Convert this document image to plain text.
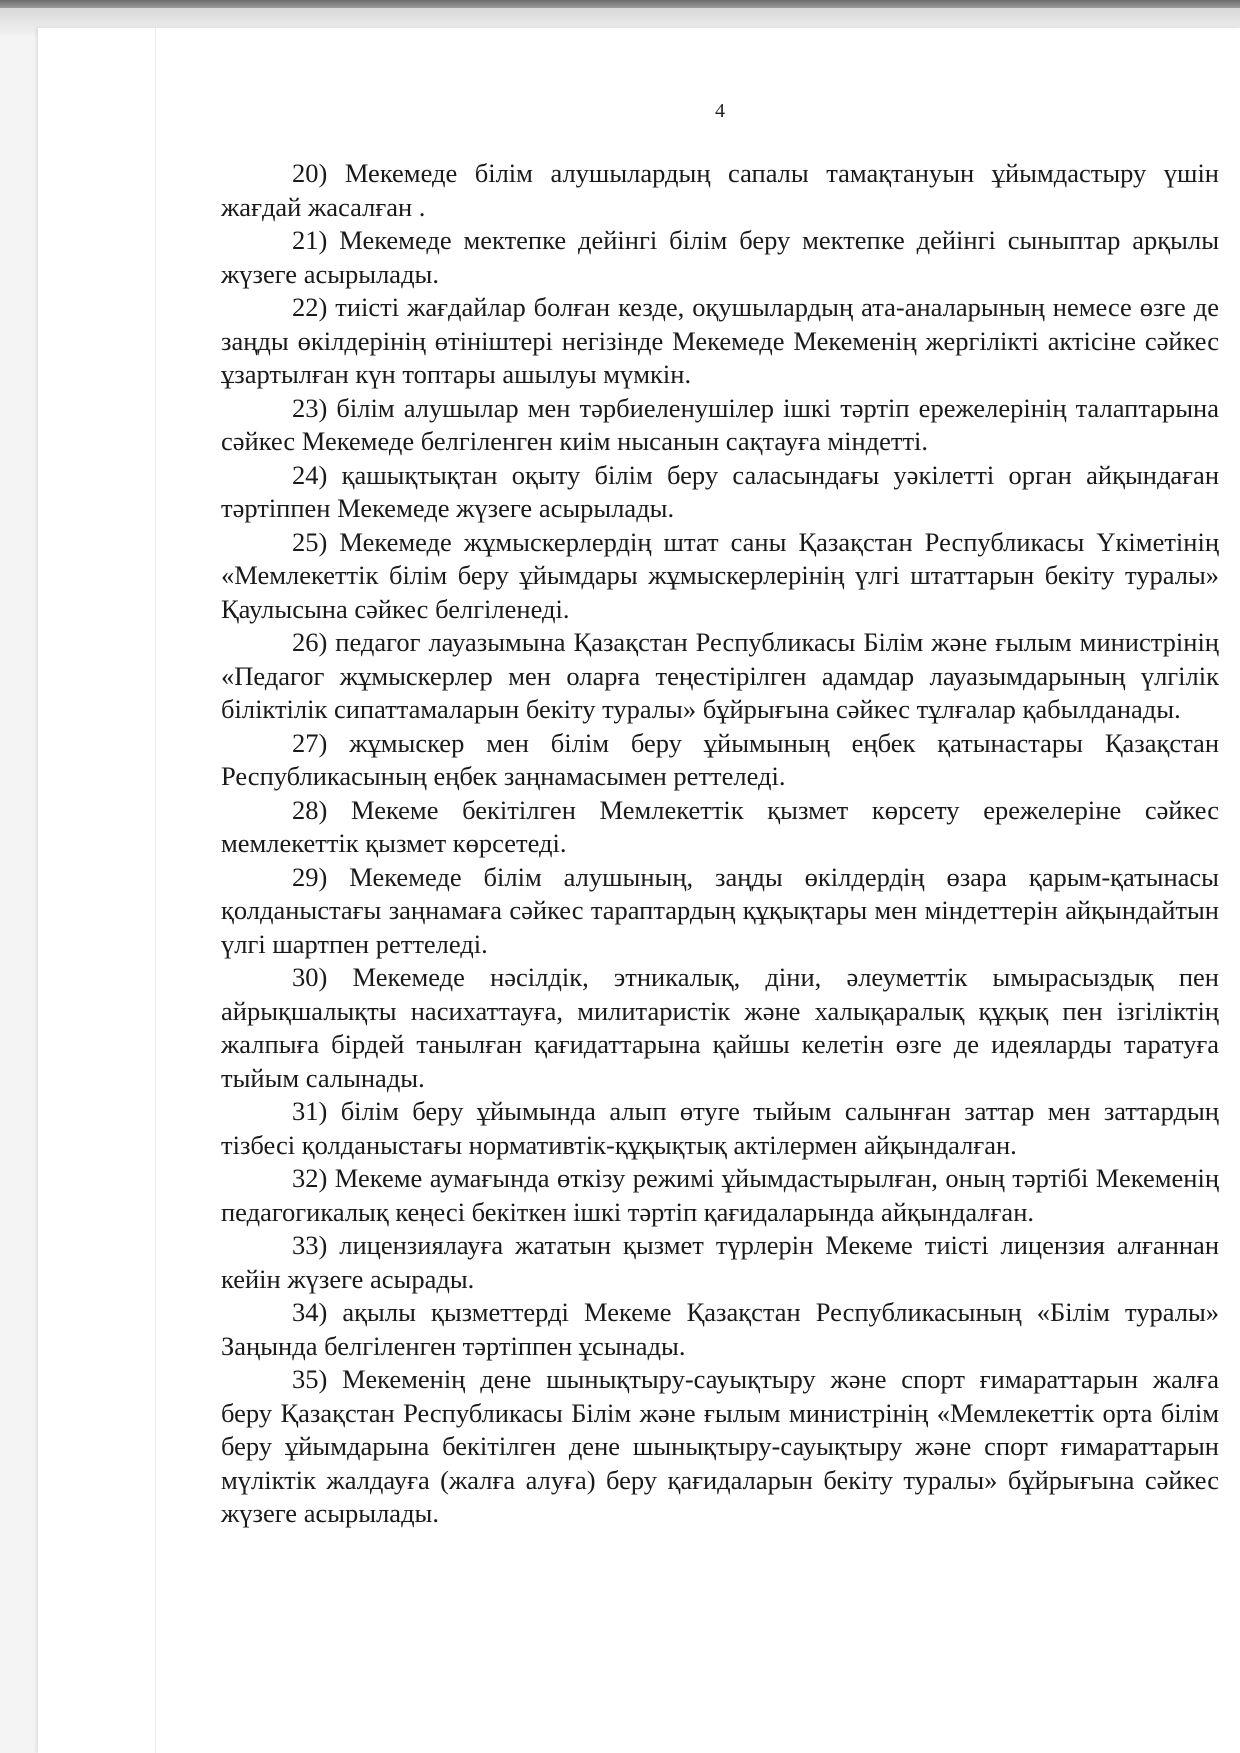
4

20) Мекемеде білім алушылардың сапалы тамақтануын ұйымдастыру үшін жағдай жасалған .

21) Мекемеде мектепке дейінгі білім беру мектепке дейінгі сыныптар арқылы жүзеге асырылады.

22) тиісті жағдайлар болған кезде, оқушылардың ата-аналарының немесе өзге де заңды өкілдерінің өтініштері негізінде Мекемеде Мекеменің жергілікті актісіне сәйкес ұзартылған күн топтары ашылуы мүмкін.

23) білім алушылар мен тәрбиеленушілер ішкі тәртіп ережелерінің талаптарына сәйкес Мекемеде белгіленген киім нысанын сақтауға міндетті.

24) қашықтықтан оқыту білім беру саласындағы уәкілетті орган айқындаған тәртіппен Мекемеде жүзеге асырылады.

25) Мекемеде жұмыскерлердің штат саны Қазақстан Республикасы Үкіметінің «Мемлекеттік білім беру ұйымдары жұмыскерлерінің үлгі штаттарын бекіту туралы» Қаулысына сәйкес белгіленеді.

26) педагог лауазымына Қазақстан Республикасы Білім және ғылым министрінің «Педагог жұмыскерлер мен оларға теңестірілген адамдар лауазымдарының үлгілік біліктілік сипаттамаларын бекіту туралы» бұйрығына сәйкес тұлғалар қабылданады.

27) жұмыскер мен білім беру ұйымының еңбек қатынастары Қазақстан Республикасының еңбек заңнамасымен реттеледі.

28) Мекеме бекітілген Мемлекеттік қызмет көрсету ережелеріне сәйкес мемлекеттік қызмет көрсетеді.

29) Мекемеде білім алушының, заңды өкілдердің өзара қарым-қатынасы қолданыстағы заңнамаға сәйкес тараптардың құқықтары мен міндеттерін айқындайтын үлгі шартпен реттеледі.

30) Мекемеде нәсілдік, этникалық, діни, әлеуметтік ымырасыздық пен айрықшалықты насихаттауға, милитаристік және халықаралық құқық пен ізгіліктің жалпыға бірдей танылған қағидаттарына қайшы келетін өзге де идеяларды таратуға тыйым салынады.

31) білім беру ұйымында алып өтуге тыйым салынған заттар мен заттардың тізбесі қолданыстағы нормативтік-құқықтық актілермен айқындалған.

32) Мекеме аумағында өткізу режимі ұйымдастырылған, оның тәртібі Мекеменің педагогикалық кеңесі бекіткен ішкі тәртіп қағидаларында айқындалған.

33) лицензиялауға жататын қызмет түрлерін Мекеме тиісті лицензия алғаннан кейін жүзеге асырады.

34) ақылы қызметтерді Мекеме Қазақстан Республикасының «Білім туралы» Заңында белгіленген тәртіппен ұсынады.

35) Мекеменің дене шынықтыру-сауықтыру және спорт ғимараттарын жалға беру Қазақстан Республикасы Білім және ғылым министрінің «Мемлекеттік орта білім беру ұйымдарына бекітілген дене шынықтыру-сауықтыру және спорт ғимараттарын мүліктік жалдауға (жалға алуға) беру қағидаларын бекіту туралы» бұйрығына сәйкес жүзеге асырылады.
